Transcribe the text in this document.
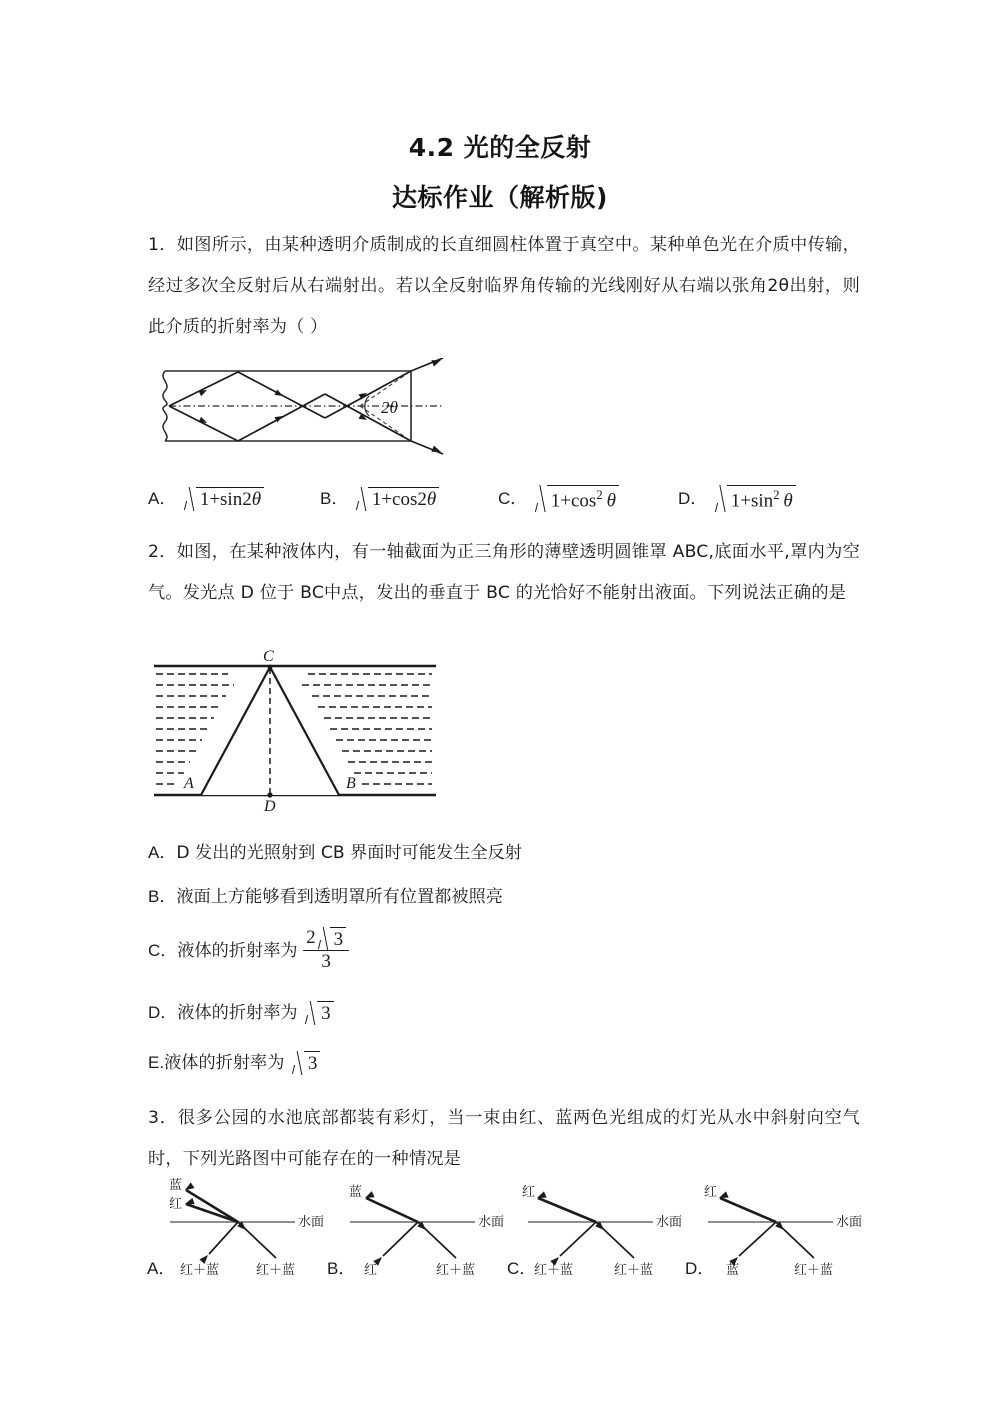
4.2 光的全反射
达标作业（解析版)
1．如图所示，由某种透明介质制成的长直细圆柱体置于真空中。某种单色光在介质中传输，经过多次全反射后从右端射出。若以全反射临界角传输的光线刚好从右端以张角2θ出射，则此介质的折射率为（ ）
2θ
A． 1+sin2θ	B． 1+cos2θ	C． $1+\cos^2$  θ	D． $1+\sin^2$  θ
2．如图，在某种液体内，有一轴截面为正三角形的薄壁透明圆锥罩 ABC,底面水平,罩内为空气。发光点 D 位于 BC中点，发出的垂直于 BC 的光恰好不能射出液面。下列说法正确的是
C
A	B
D
A．D 发出的光照射到 CB 界面时可能发生全反射
B．液面上方能够看到透明罩所有位置都被照亮
C．液体的折射率为 $\frac{2 3}{3}$
D．液体的折射率为 3
E.液体的折射率为 3
3．很多公园的水池底部都装有彩灯，当一束由红、蓝两色光组成的灯光从水中斜射向空气时，下列光路图中可能存在的一种情况是
蓝
红
水面
红＋蓝	红＋蓝
蓝
水面
红	红＋蓝
红
水面
红＋蓝	红＋蓝
红
水面
蓝	红＋蓝
A．	B．	C．	D．
